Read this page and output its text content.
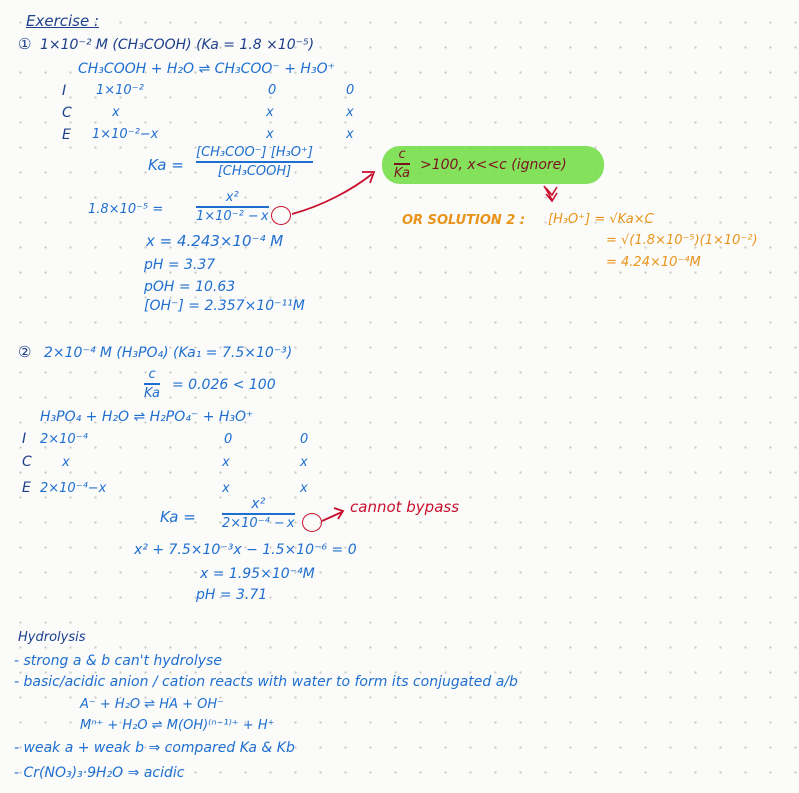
Exercise :
① 1×10⁻² M (CH₃COOH) (Ka = 1.8 ×10⁻⁵)
CH₃COOH + H₂O ⇌ CH₃COO⁻ + H₃O⁺
I
C
E
1×10⁻²
x
1×10⁻²−x
0
x
x
0
x
x
Ka =
[CH₃COO⁻] [H₃O⁺]
[CH₃COOH]
1.8×10⁻⁵ =
x²
1×10⁻² − x
x = 4.243×10⁻⁴ M
pH = 3.37
pOH = 10.63
[OH⁻] = 2.357×10⁻¹¹M
c
Ka >100, x<<c (ignore)
OR SOLUTION 2 : [H₃O⁺] = √Ka×C
= √(1.8×10⁻⁵)(1×10⁻²)
= 4.24×10⁻⁴M
② 2×10⁻⁴ M (H₃PO₄) (Ka₁ = 7.5×10⁻³)
c
Ka = 0.026 < 100
H₃PO₄ + H₂O ⇌ H₂PO₄⁻ + H₃O⁺
I
C
E
2×10⁻⁴
x
2×10⁻⁴−x
0
x
x
0
x
x
Ka =
x²
2×10⁻⁴ − x
cannot bypass
x² + 7.5×10⁻³x − 1.5×10⁻⁶ = 0
x = 1.95×10⁻⁴M
pH = 3.71
Hydrolysis
- strong a & b can't hydrolyse
- basic/acidic anion / cation reacts with water to form its conjugated a/b
A⁻ + H₂O ⇌ HA + OH⁻
Mⁿ⁺ + H₂O ⇌ M(OH)⁽ⁿ⁻¹⁾⁺ + H⁺
- weak a + weak b ⇒ compared Ka & Kb
- Cr(NO₃)₃·9H₂O ⇒ acidic
